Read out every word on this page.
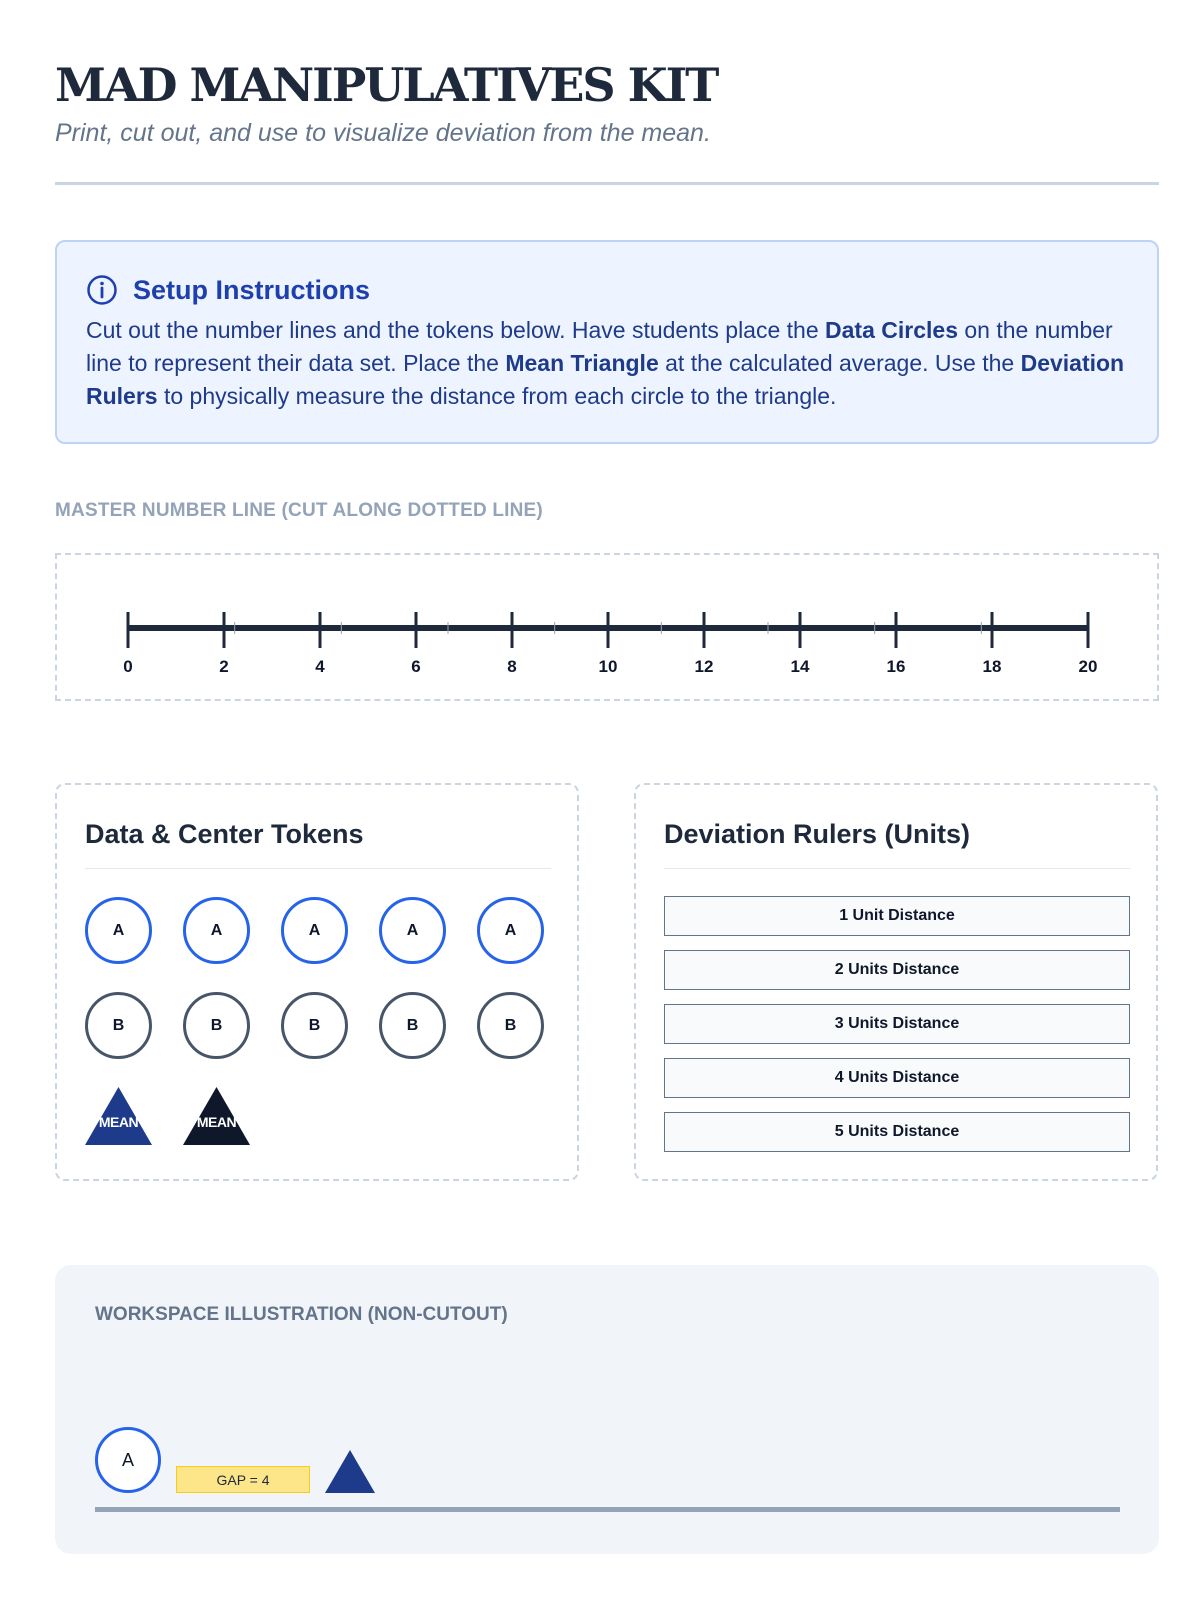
MAD MANIPULATIVES KIT
Print, cut out, and use to visualize deviation from the mean.
Setup Instructions

Cut out the number lines and the tokens below. Have students place the Data Circles on the number line to represent their data set. Place the Mean Triangle at the calculated average. Use the Deviation Rulers to physically measure the distance from each circle to the triangle.

MASTER NUMBER LINE (CUT ALONG DOTTED LINE)
0	2	4	6	8	10	12	14	16	18	20
Data & Center Tokens
A	A	A	A	A
B	B	B	B	B
MEAN	MEAN
Deviation Rulers (Units)
1 Unit Distance
2 Units Distance
3 Units Distance
4 Units Distance
5 Units Distance
WORKSPACE ILLUSTRATION (NON-CUTOUT)
A
GAP = 4
